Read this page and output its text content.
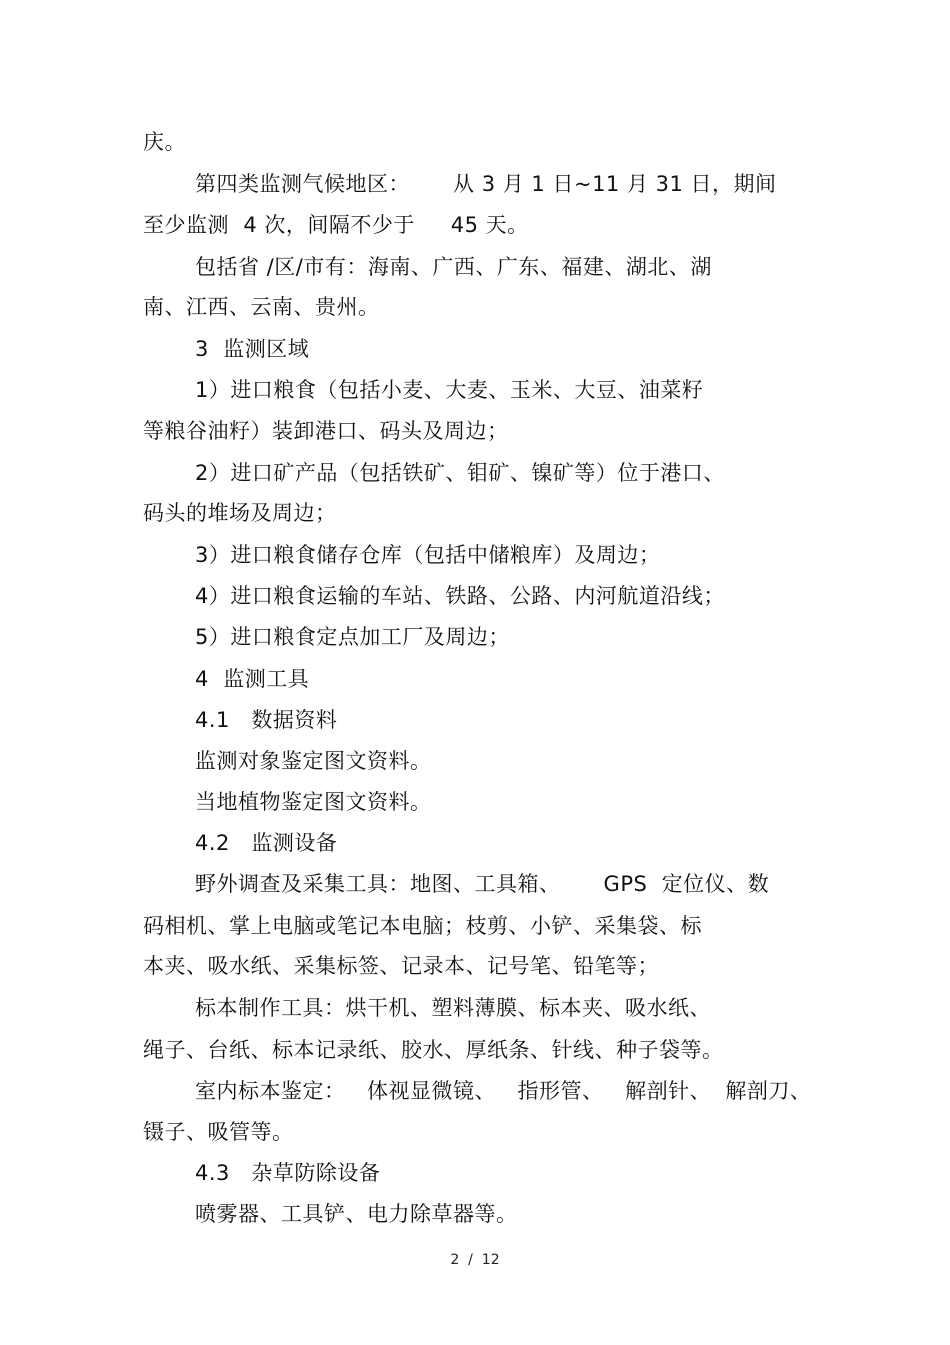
庆。
第四类监测气候地区：      从 3 月 1 日~11 月 31 日，期间
至少监测  4 次，间隔不少于     45 天。
包括省 /区/市有：海南、广西、广东、福建、湖北、湖
南、江西、云南、贵州。
3  监测区域
1）进口粮食（包括小麦、大麦、玉米、大豆、油菜籽
等粮谷油籽）装卸港口、码头及周边；
2）进口矿产品（包括铁矿、钼矿、镍矿等）位于港口、
码头的堆场及周边；
3）进口粮食储存仓库（包括中储粮库）及周边；
4）进口粮食运输的车站、铁路、公路、内河航道沿线；
5）进口粮食定点加工厂及周边；
4  监测工具
4.1   数据资料
监测对象鉴定图文资料。
当地植物鉴定图文资料。
4.2   监测设备
野外调查及采集工具：地图、工具箱、      GPS  定位仪、数
码相机、掌上电脑或笔记本电脑；枝剪、小铲、采集袋、标
本夹、吸水纸、采集标签、记录本、记号笔、铅笔等；
标本制作工具：烘干机、塑料薄膜、标本夹、吸水纸、
绳子、台纸、标本记录纸、胶水、厚纸条、针线、种子袋等。
室内标本鉴定：   体视显微镜、   指形管、   解剖针、  解剖刀、
镊子、吸管等。
4.3   杂草防除设备
喷雾器、工具铲、电力除草器等。
2  /  12
